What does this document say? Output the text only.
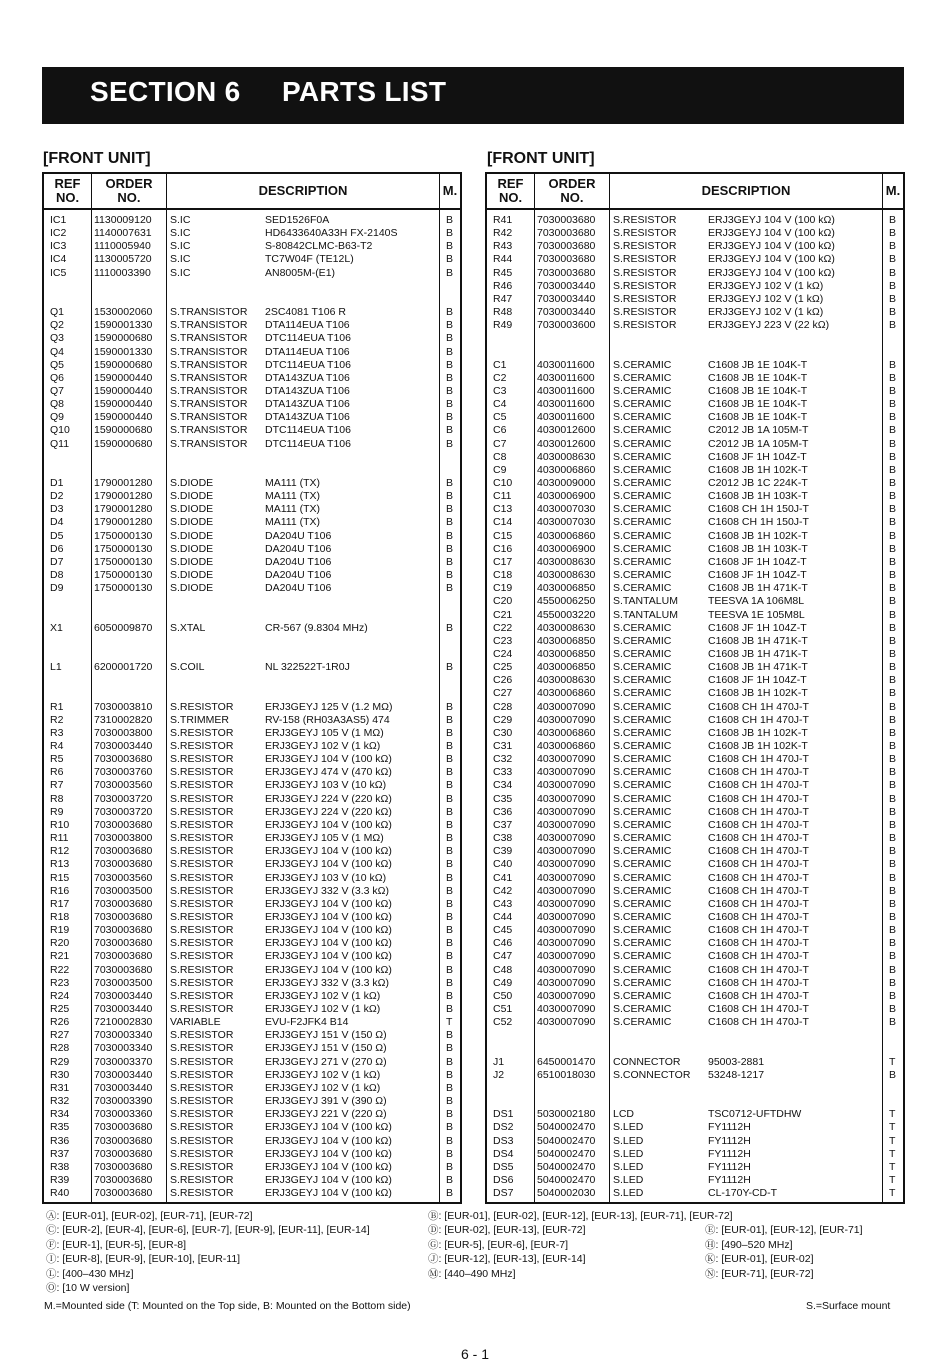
SECTION 6 PARTS LIST
[FRONT UNIT]	[FRONT UNIT]
REF
NO.
ORDER
NO.	DESCRIPTION	M.
IC1	1130009120 S.IC	SED1526F0A	B
IC2	1140007631 S.IC	HD6433640A33H FX-2140S	B
IC3	1110005940 S.IC	S-80842CLMC-B63-T2	B
IC4	1130005720 S.IC	TC7W04F (TE12L)	B
IC5	1110003390 S.IC	AN8005M-(E1)	B
Q1	1530002060 S.TRANSISTOR 2SC4081 T106 R	B
Q2	1590001330 S.TRANSISTOR DTA114EUA T106	B
Q3	1590000680 S.TRANSISTOR DTC114EUA T106	B
Q4	1590001330 S.TRANSISTOR DTA114EUA T106	B
Q5	1590000680 S.TRANSISTOR DTC114EUA T106	B
Q6	1590000440 S.TRANSISTOR DTA143ZUA T106	B
Q7	1590000440 S.TRANSISTOR DTA143ZUA T106	B
Q8	1590000440 S.TRANSISTOR DTA143ZUA T106	B
Q9	1590000440 S.TRANSISTOR DTA143ZUA T106	B
Q10 1590000680 S.TRANSISTOR DTC114EUA T106	B
Q11 1590000680 S.TRANSISTOR DTC114EUA T106	B
D1	1790001280 S.DIODE	MA111 (TX)	B
D2	1790001280 S.DIODE	MA111 (TX)	B
D3	1790001280 S.DIODE	MA111 (TX)	B
D4	1790001280 S.DIODE	MA111 (TX)	B
D5	1750000130 S.DIODE	DA204U T106	B
D6	1750000130 S.DIODE	DA204U T106	B
D7	1750000130 S.DIODE	DA204U T106	B
D8	1750000130 S.DIODE	DA204U T106	B
D9	1750000130 S.DIODE	DA204U T106	B
X1	6050009870 S.XTAL	CR-567 (9.8304 MHz)	B
L1	6200001720 S.COIL	NL 322522T-1R0J	B
R1	7030003810 S.RESISTOR	ERJ3GEYJ 125 V (1.2 MΩ)	B
R2	7310002820 S.TRIMMER	RV-158 (RH03A3AS5) 474	B
R3	7030003800 S.RESISTOR	ERJ3GEYJ 105 V (1 MΩ)	B
R4	7030003440 S.RESISTOR	ERJ3GEYJ 102 V (1 kΩ)	B
R5	7030003680 S.RESISTOR	ERJ3GEYJ 104 V (100 kΩ)	B
R6	7030003760 S.RESISTOR	ERJ3GEYJ 474 V (470 kΩ)	B
R7	7030003560 S.RESISTOR	ERJ3GEYJ 103 V (10 kΩ)	B
R8	7030003720 S.RESISTOR	ERJ3GEYJ 224 V (220 kΩ)	B
R9	7030003720 S.RESISTOR	ERJ3GEYJ 224 V (220 kΩ)	B
R10 7030003680 S.RESISTOR	ERJ3GEYJ 104 V (100 kΩ)	B
R11 7030003800 S.RESISTOR	ERJ3GEYJ 105 V (1 MΩ)	B
R12 7030003680 S.RESISTOR	ERJ3GEYJ 104 V (100 kΩ)	B
R13 7030003680 S.RESISTOR	ERJ3GEYJ 104 V (100 kΩ)	B
R15 7030003560 S.RESISTOR	ERJ3GEYJ 103 V (10 kΩ)	B
R16 7030003500 S.RESISTOR	ERJ3GEYJ 332 V (3.3 kΩ)	B
R17 7030003680 S.RESISTOR	ERJ3GEYJ 104 V (100 kΩ)	B
R18 7030003680 S.RESISTOR	ERJ3GEYJ 104 V (100 kΩ)	B
R19 7030003680 S.RESISTOR	ERJ3GEYJ 104 V (100 kΩ)	B
R20 7030003680 S.RESISTOR	ERJ3GEYJ 104 V (100 kΩ)	B
R21 7030003680 S.RESISTOR	ERJ3GEYJ 104 V (100 kΩ)	B
R22 7030003680 S.RESISTOR	ERJ3GEYJ 104 V (100 kΩ)	B
R23 7030003500 S.RESISTOR	ERJ3GEYJ 332 V (3.3 kΩ)	B
R24 7030003440 S.RESISTOR	ERJ3GEYJ 102 V (1 kΩ)	B
R25 7030003440 S.RESISTOR	ERJ3GEYJ 102 V (1 kΩ)	B
R26 7210002830 VARIABLE	EVU-F2JFK4 B14	T
R27 7030003340 S.RESISTOR	ERJ3GEYJ 151 V (150 Ω)	B
R28 7030003340 S.RESISTOR	ERJ3GEYJ 151 V (150 Ω)	B
R29 7030003370 S.RESISTOR	ERJ3GEYJ 271 V (270 Ω)	B
R30 7030003440 S.RESISTOR	ERJ3GEYJ 102 V (1 kΩ)	B
R31 7030003440 S.RESISTOR	ERJ3GEYJ 102 V (1 kΩ)	B
R32 7030003390 S.RESISTOR	ERJ3GEYJ 391 V (390 Ω)	B
R34 7030003360 S.RESISTOR	ERJ3GEYJ 221 V (220 Ω)	B
R35 7030003680 S.RESISTOR	ERJ3GEYJ 104 V (100 kΩ)	B
R36 7030003680 S.RESISTOR	ERJ3GEYJ 104 V (100 kΩ)	B
R37 7030003680 S.RESISTOR	ERJ3GEYJ 104 V (100 kΩ)	B
R38 7030003680 S.RESISTOR	ERJ3GEYJ 104 V (100 kΩ)	B
R39 7030003680 S.RESISTOR	ERJ3GEYJ 104 V (100 kΩ)	B
R40 7030003680 S.RESISTOR	ERJ3GEYJ 104 V (100 kΩ)	B
REF
NO.
ORDER
NO.	DESCRIPTION	M.
R41 7030003680 S.RESISTOR	ERJ3GEYJ 104 V (100 kΩ)	B
R42 7030003680 S.RESISTOR	ERJ3GEYJ 104 V (100 kΩ)	B
R43 7030003680 S.RESISTOR	ERJ3GEYJ 104 V (100 kΩ)	B
R44 7030003680 S.RESISTOR	ERJ3GEYJ 104 V (100 kΩ)	B
R45 7030003680 S.RESISTOR	ERJ3GEYJ 104 V (100 kΩ)	B
R46 7030003440 S.RESISTOR	ERJ3GEYJ 102 V (1 kΩ)	B
R47 7030003440 S.RESISTOR	ERJ3GEYJ 102 V (1 kΩ)	B
R48 7030003440 S.RESISTOR	ERJ3GEYJ 102 V (1 kΩ)	B
R49 7030003600 S.RESISTOR	ERJ3GEYJ 223 V (22 kΩ)	B
C1	4030011600 S.CERAMIC	C1608 JB 1E 104K-T	B
C2	4030011600 S.CERAMIC	C1608 JB 1E 104K-T	B
C3	4030011600 S.CERAMIC	C1608 JB 1E 104K-T	B
C4	4030011600 S.CERAMIC	C1608 JB 1E 104K-T	B
C5	4030011600 S.CERAMIC	C1608 JB 1E 104K-T	B
C6	4030012600 S.CERAMIC	C2012 JB 1A 105M-T	B
C7	4030012600 S.CERAMIC	C2012 JB 1A 105M-T	B
C8	4030008630 S.CERAMIC	C1608 JF 1H 104Z-T	B
C9	4030006860 S.CERAMIC	C1608 JB 1H 102K-T	B
C10 4030009000 S.CERAMIC	C2012 JB 1C 224K-T	B
C11 4030006900 S.CERAMIC	C1608 JB 1H 103K-T	B
C13 4030007030 S.CERAMIC	C1608 CH 1H 150J-T	B
C14 4030007030 S.CERAMIC	C1608 CH 1H 150J-T	B
C15 4030006860 S.CERAMIC	C1608 JB 1H 102K-T	B
C16 4030006900 S.CERAMIC	C1608 JB 1H 103K-T	B
C17 4030008630 S.CERAMIC	C1608 JF 1H 104Z-T	B
C18 4030008630 S.CERAMIC	C1608 JF 1H 104Z-T	B
C19 4030006850 S.CERAMIC	C1608 JB 1H 471K-T	B
C20 4550006250 S.TANTALUM	TEESVA 1A 106M8L	B
C21 4550003220 S.TANTALUM	TEESVA 1E 105M8L	B
C22 4030008630 S.CERAMIC	C1608 JF 1H 104Z-T	B
C23 4030006850 S.CERAMIC	C1608 JB 1H 471K-T	B
C24 4030006850 S.CERAMIC	C1608 JB 1H 471K-T	B
C25 4030006850 S.CERAMIC	C1608 JB 1H 471K-T	B
C26 4030008630 S.CERAMIC	C1608 JF 1H 104Z-T	B
C27 4030006860 S.CERAMIC	C1608 JB 1H 102K-T	B
C28 4030007090 S.CERAMIC	C1608 CH 1H 470J-T	B
C29 4030007090 S.CERAMIC	C1608 CH 1H 470J-T	B
C30 4030006860 S.CERAMIC	C1608 JB 1H 102K-T	B
C31 4030006860 S.CERAMIC	C1608 JB 1H 102K-T	B
C32 4030007090 S.CERAMIC	C1608 CH 1H 470J-T	B
C33 4030007090 S.CERAMIC	C1608 CH 1H 470J-T	B
C34 4030007090 S.CERAMIC	C1608 CH 1H 470J-T	B
C35 4030007090 S.CERAMIC	C1608 CH 1H 470J-T	B
C36 4030007090 S.CERAMIC	C1608 CH 1H 470J-T	B
C37 4030007090 S.CERAMIC	C1608 CH 1H 470J-T	B
C38 4030007090 S.CERAMIC	C1608 CH 1H 470J-T	B
C39 4030007090 S.CERAMIC	C1608 CH 1H 470J-T	B
C40 4030007090 S.CERAMIC	C1608 CH 1H 470J-T	B
C41 4030007090 S.CERAMIC	C1608 CH 1H 470J-T	B
C42 4030007090 S.CERAMIC	C1608 CH 1H 470J-T	B
C43 4030007090 S.CERAMIC	C1608 CH 1H 470J-T	B
C44 4030007090 S.CERAMIC	C1608 CH 1H 470J-T	B
C45 4030007090 S.CERAMIC	C1608 CH 1H 470J-T	B
C46 4030007090 S.CERAMIC	C1608 CH 1H 470J-T	B
C47 4030007090 S.CERAMIC	C1608 CH 1H 470J-T	B
C48 4030007090 S.CERAMIC	C1608 CH 1H 470J-T	B
C49 4030007090 S.CERAMIC	C1608 CH 1H 470J-T	B
C50 4030007090 S.CERAMIC	C1608 CH 1H 470J-T	B
C51 4030007090 S.CERAMIC	C1608 CH 1H 470J-T	B
C52 4030007090 S.CERAMIC	C1608 CH 1H 470J-T	B
J1	6450001470 CONNECTOR	95003-2881	T
J2	6510018030 S.CONNECTOR 53248-1217	B
DS1 5030002180 LCD	TSC0712-UFTDHW	T
DS2 5040002470 S.LED	FY1112H	T
DS3 5040002470 S.LED	FY1112H	T
DS4 5040002470 S.LED	FY1112H	T
DS5 5040002470 S.LED	FY1112H	T
DS6 5040002470 S.LED	FY1112H	T
DS7 5040002030 S.LED	CL-170Y-CD-T	T
Ⓐ: [EUR-01], [EUR-02], [EUR-71], [EUR-72]	Ⓑ: [EUR-01], [EUR-02], [EUR-12], [EUR-13], [EUR-71], [EUR-72]
Ⓒ: [EUR-2], [EUR-4], [EUR-6], [EUR-7], [EUR-9], [EUR-11], [EUR-14]	Ⓓ: [EUR-02], [EUR-13], [EUR-72]	Ⓔ: [EUR-01], [EUR-12], [EUR-71]
Ⓕ: [EUR-1], [EUR-5], [EUR-8]	Ⓖ: [EUR-5], [EUR-6], [EUR-7]	Ⓗ: [490–520 MHz]
Ⓘ: [EUR-8], [EUR-9], [EUR-10], [EUR-11]	Ⓙ: [EUR-12], [EUR-13], [EUR-14]	Ⓚ: [EUR-01], [EUR-02]
Ⓛ: [400–430 MHz]	Ⓜ: [440–490 MHz]	Ⓝ: [EUR-71], [EUR-72]
Ⓞ: [10 W version]
M.=Mounted side (T: Mounted on the Top side, B: Mounted on the Bottom side)	S.=Surface mount
6 - 1
